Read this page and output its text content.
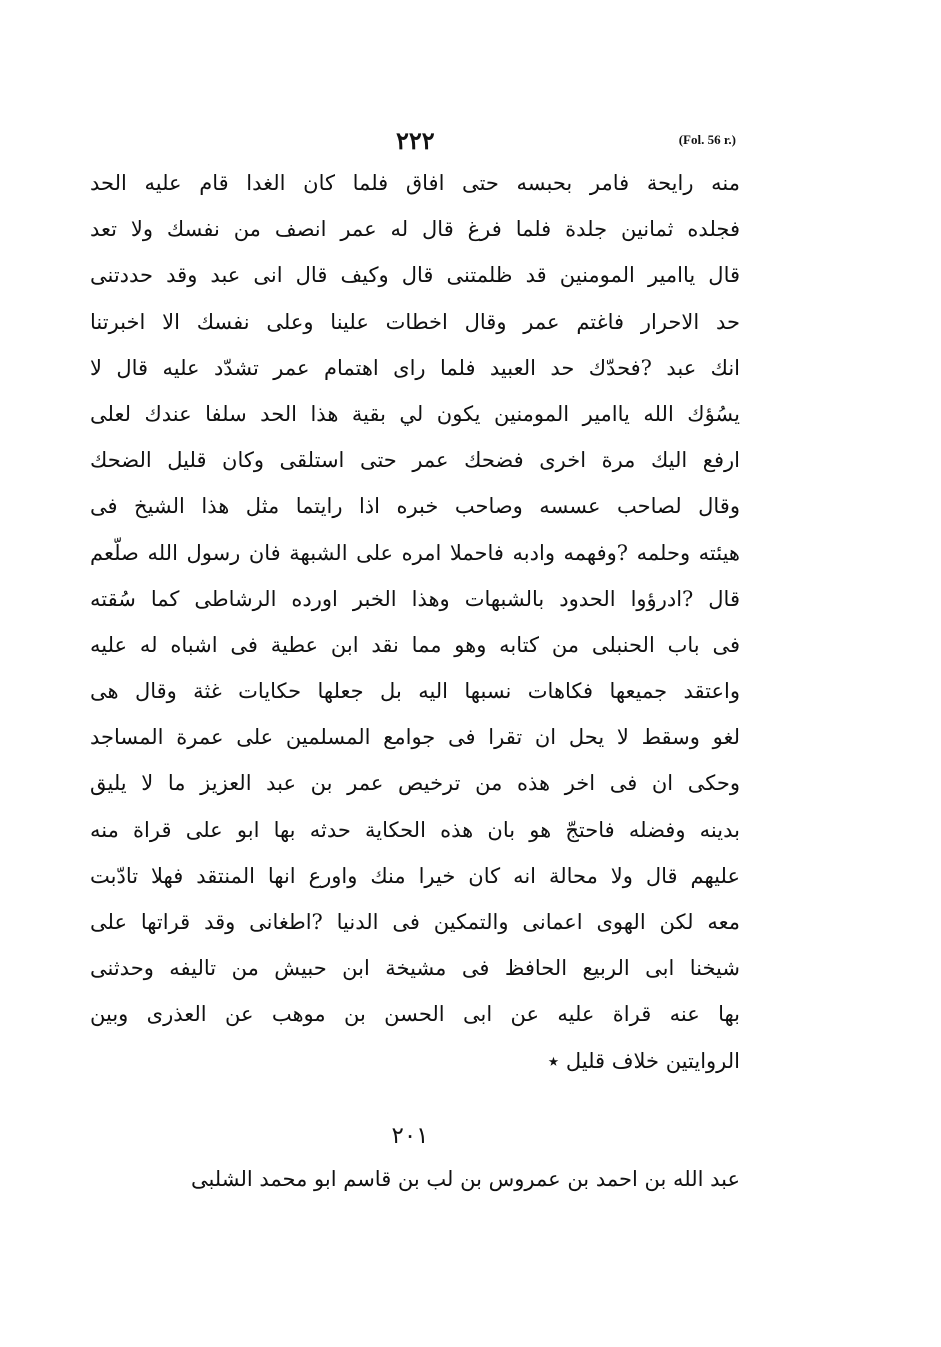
٢٢٢	(Fol. 56 r.)
منه رايحة فامر بحبسه حتى افاق فلما كان الغدا قام عليه الحد
فجلده ثمانين جلدة فلما فرغ قال له عمر انصف من نفسك ولا تعد
قال ياامير المومنين قد ظلمتنى قال وكيف قال انى عبد وقد حددتنى
حد الاحرار فاغتم عمر وقال اخطات علينا وعلى نفسك الا اخبرتنا
انك عبد ?فحدّك حد العبيد فلما راى اهتمام عمر تشدّد عليه قال لا
يسُؤك الله ياامير المومنين يكون لي بقية هذا الحد سلفا عندك لعلى
ارفع اليك مرة اخرى فضحك عمر حتى استلقى وكان قليل الضحك
وقال لصاحب عسسه وصاحب خبره اذا رايتما مثل هذا الشيخ فى
هيئته وحلمه ?وفهمه وادبه فاحملا امره على الشبهة فان رسول الله صلّعم
قال ?ادرؤوا الحدود بالشبهات وهذا الخبر اورده الرشاطى كما سُقته
فى باب الحنبلى من كتابه وهو مما نقد ابن عطية فى اشباه له عليه
واعتقد جميعها فكاهات نسبها اليه بل جعلها حكايات غثة وقال هى
لغو وسقط لا يحل ان تقرا فى جوامع المسلمين على عمرة المساجد
وحكى ان فى اخر هذه من ترخيص عمر بن عبد العزيز ما لا يليق
بدينه وفضله فاحتجّ هو بان هذه الحكاية حدثه بها ابو على قراة منه
عليهم قال ولا محالة انه كان خيرا منك واورع انها المنتقد فهلا تادّبت
معه لكن الهوى اعمانى والتمكين فى الدنيا ?اطغانى وقد قراتها على
شيخنا ابى الربيع الحافظ فى مشيخة ابن حبيش من تاليفه وحدثنى
بها عنه قراة عليه عن ابى الحسن بن موهب عن العذرى وبين
الروايتين خلاف قليل ٭
٢٠١
عبد الله بن احمد بن عمروس بن لب بن قاسم ابو محمد الشلبى
